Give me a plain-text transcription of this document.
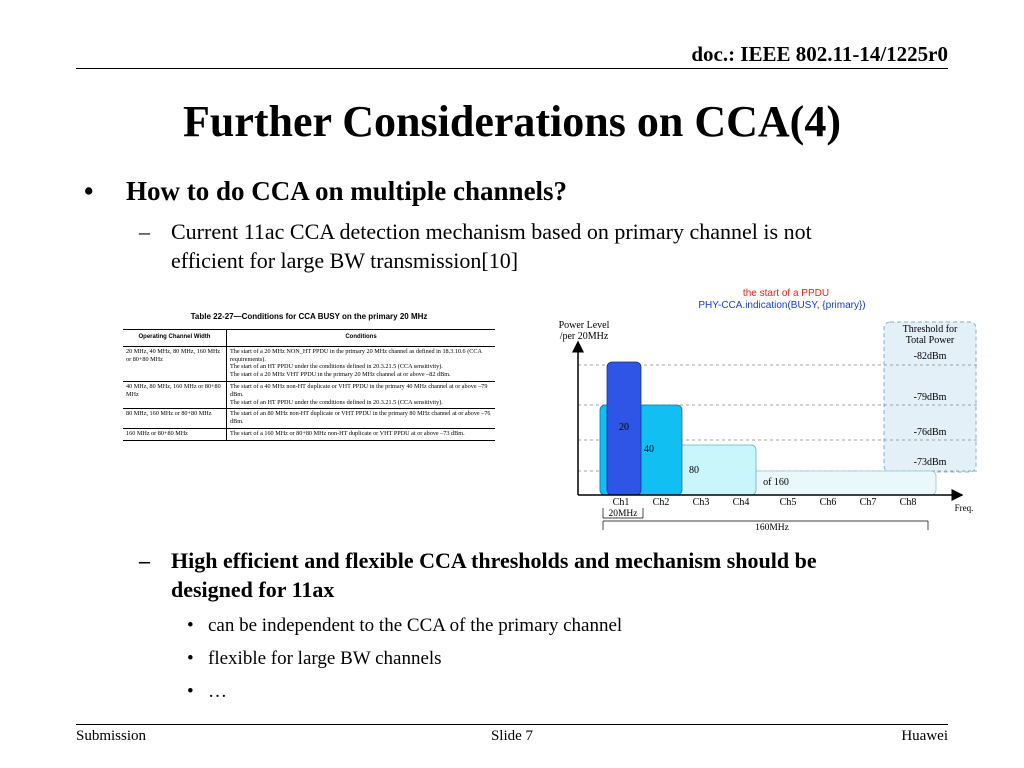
doc.: IEEE 802.11-14/1225r0
Further Considerations on CCA(4)
• How to do CCA on multiple channels?
– Current 11ac CCA detection mechanism based on primary channel is not
efficient for large BW transmission[10]
Table 22-27—Conditions for CCA BUSY on the primary 20 MHz
Operating Channel Width	Conditions
20 MHz, 40 MHz, 80 MHz, 160 MHz or 80+80 MHz	The start of a 20 MHz NON_HT PPDU in the primary 20 MHz channel as defined in 18.3.10.6 (CCA requirements).
The start of an HT PPDU under the conditions defined in 20.3.21.5 (CCA sensitivity).
The start of a 20 MHz VHT PPDU in the primary 20 MHz channel at or above –82 dBm.

40 MHz, 80 MHz, 160 MHz or 80+80 MHz	The start of a 40 MHz non-HT duplicate or VHT PPDU in the primary 40 MHz channel at or above –79 dBm.
The start of an HT PPDU under the conditions defined in 20.3.21.5 (CCA sensitivity).

80 MHz, 160 MHz or 80+80 MHz	The start of an 80 MHz non-HT duplicate or VHT PPDU in the primary 80 MHz channel at or above –76 dBm.

160 MHz or 80+80 MHz	The start of a 160 MHz or 80+80 MHz non-HT duplicate or VHT PPDU at or above –73 dBm.
the start of a PPDU
PHY-CCA.indication(BUSY, {primary})
Power Level
/per 20MHz
Threshold for
Total Power
-82dBm
-79dBm
-76dBm
-73dBm
20
40
80
of 160
Ch1 Ch2 Ch3 Ch4	Ch5 Ch6 Ch7 Ch8	Freq.
20MHz
160MHz
– High efficient and flexible CCA thresholds and mechanism should be
designed for 11ax
• can be independent to the CCA of the primary channel
• flexible for large BW channels
• …
Submission	Slide 7	Huawei
